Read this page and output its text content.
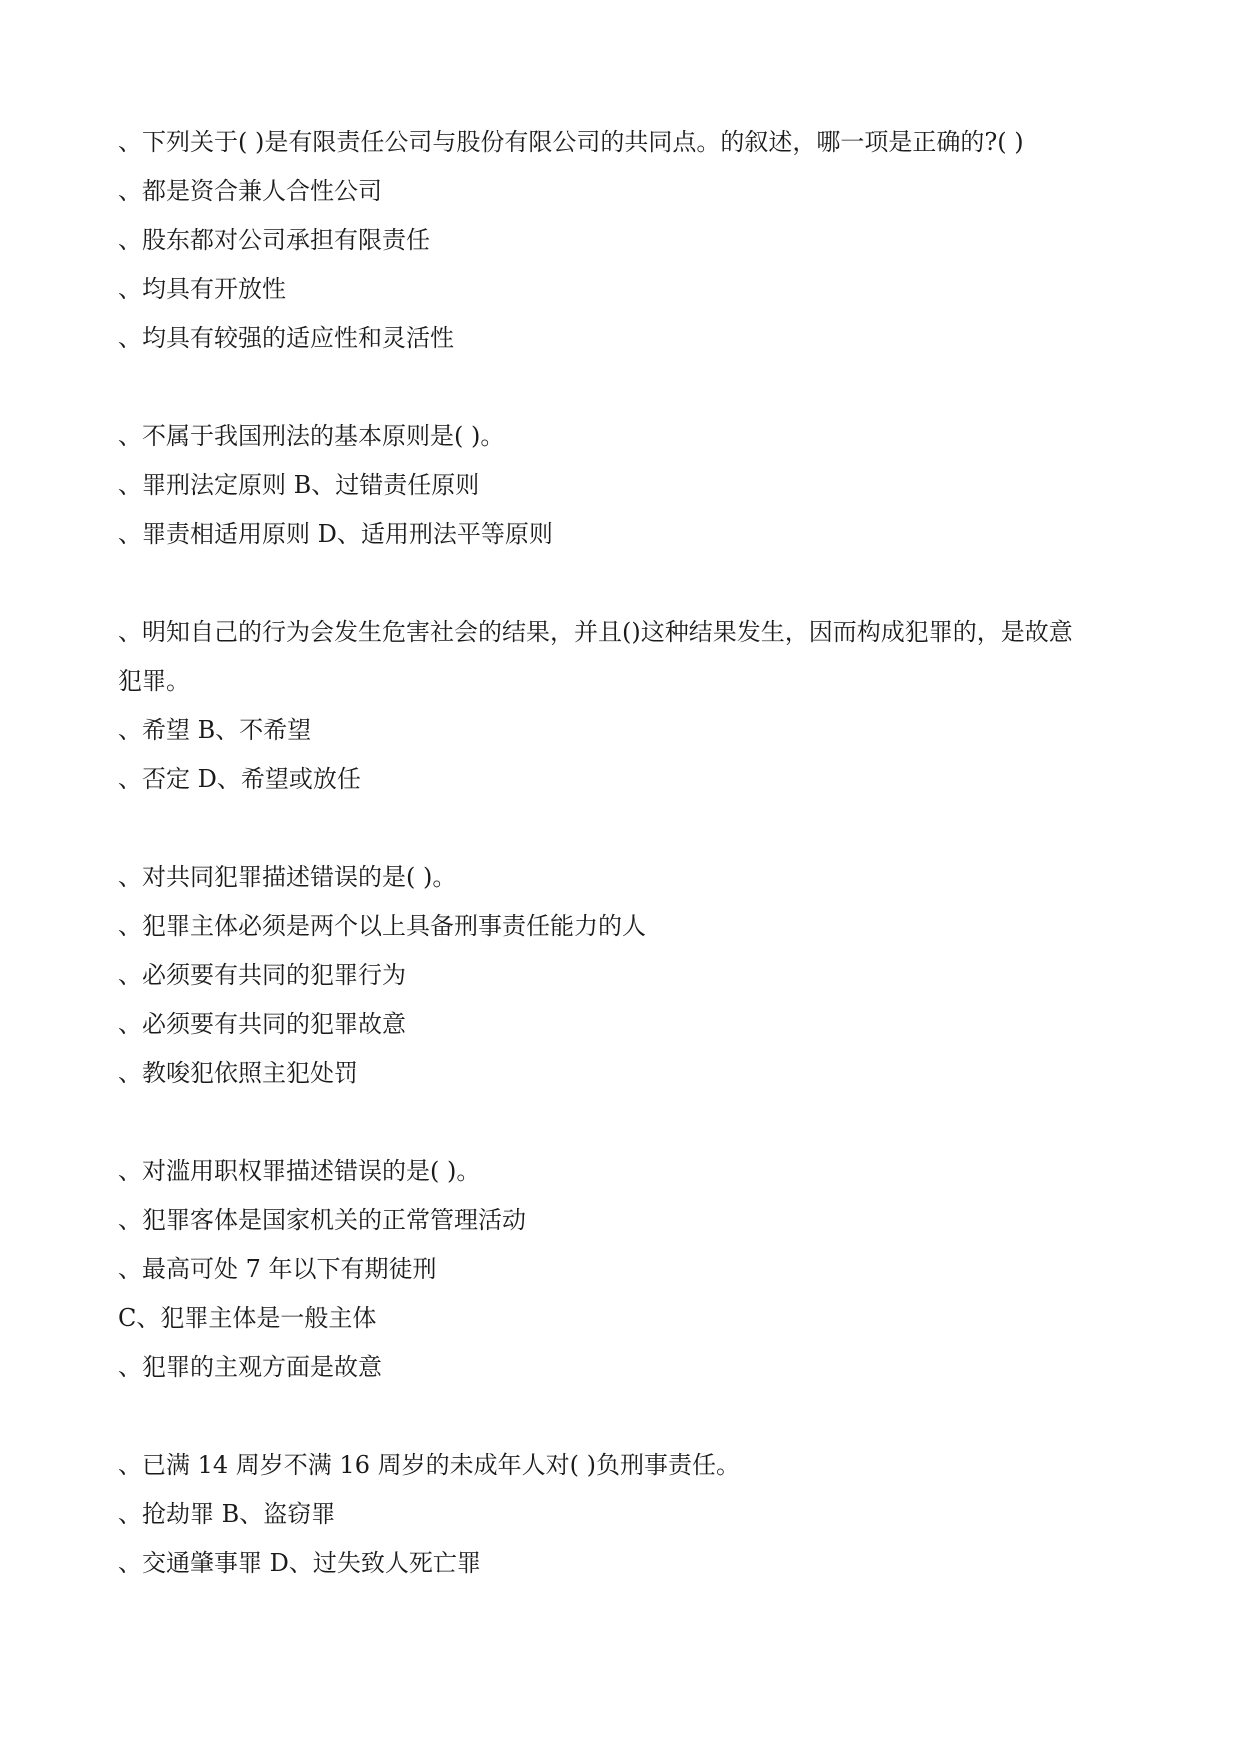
、下列关于( )是有限责任公司与股份有限公司的共同点。的叙述，哪一项是正确的?( )
、都是资合兼人合性公司
、股东都对公司承担有限责任
、均具有开放性
、均具有较强的适应性和灵活性
、不属于我国刑法的基本原则是( )。
、罪刑法定原则 B、过错责任原则
、罪责相适用原则 D、适用刑法平等原则
、明知自己的行为会发生危害社会的结果，并且()这种结果发生，因而构成犯罪的，是故意
犯罪。
、希望 B、不希望
、否定 D、希望或放任
、对共同犯罪描述错误的是( )。
、犯罪主体必须是两个以上具备刑事责任能力的人
、必须要有共同的犯罪行为
、必须要有共同的犯罪故意
、教唆犯依照主犯处罚
、对滥用职权罪描述错误的是( )。
、犯罪客体是国家机关的正常管理活动
、最高可处 7 年以下有期徒刑
C、犯罪主体是一般主体
、犯罪的主观方面是故意
、已满 14 周岁不满 16 周岁的未成年人对( )负刑事责任。
、抢劫罪 B、盗窃罪
、交通肇事罪 D、过失致人死亡罪
